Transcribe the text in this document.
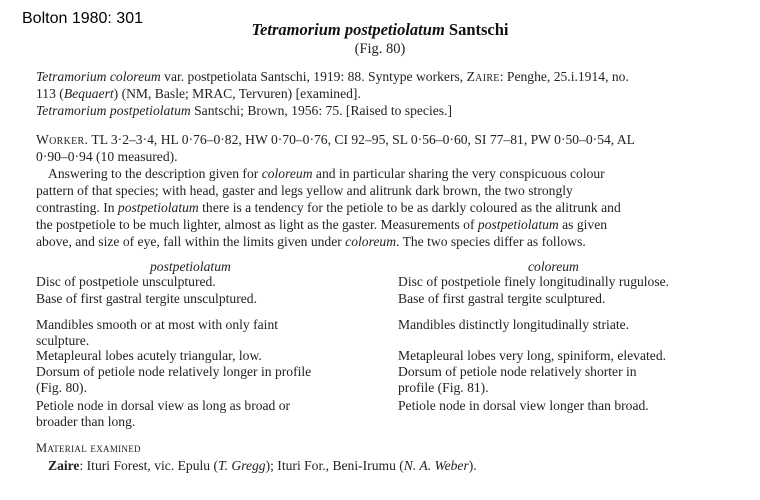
Bolton 1980: 301
Tetramorium postpetiolatum Santschi
(Fig. 80)
Tetramorium coloreum var. postpetiolata Santschi, 1919: 88. Syntype workers, Zaire: Penghe, 25.i.1914, no.
113 (Bequaert) (NM, Basle; MRAC, Tervuren) [examined].
Tetramorium postpetiolatum Santschi; Brown, 1956: 75. [Raised to species.]
Worker. TL 3·2–3·4, HL 0·76–0·82, HW 0·70–0·76, CI 92–95, SL 0·56–0·60, SI 77–81, PW 0·50–0·54, AL
0·90–0·94 (10 measured).
Answering to the description given for coloreum and in particular sharing the very conspicuous colour
pattern of that species; with head, gaster and legs yellow and alitrunk dark brown, the two strongly
contrasting. In postpetiolatum there is a tendency for the petiole to be as darkly coloured as the alitrunk and
the postpetiole to be much lighter, almost as light as the gaster. Measurements of postpetiolatum as given
above, and size of eye, fall within the limits given under coloreum. The two species differ as follows.
postpetiolatum	coloreum
Disc of postpetiole unsculptured.
Base of first gastral tergite unsculptured.
Mandibles smooth or at most with only faint
sculpture.
Metapleural lobes acutely triangular, low.
Dorsum of petiole node relatively longer in profile
(Fig. 80).
Petiole node in dorsal view as long as broad or
broader than long.
Disc of postpetiole finely longitudinally rugulose.
Base of first gastral tergite sculptured.
Mandibles distinctly longitudinally striate.
Metapleural lobes very long, spiniform, elevated.
Dorsum of petiole node relatively shorter in
profile (Fig. 81).
Petiole node in dorsal view longer than broad.
Material examined
Zaire: Ituri Forest, vic. Epulu (T. Gregg); Ituri For., Beni-Irumu (N. A. Weber).
